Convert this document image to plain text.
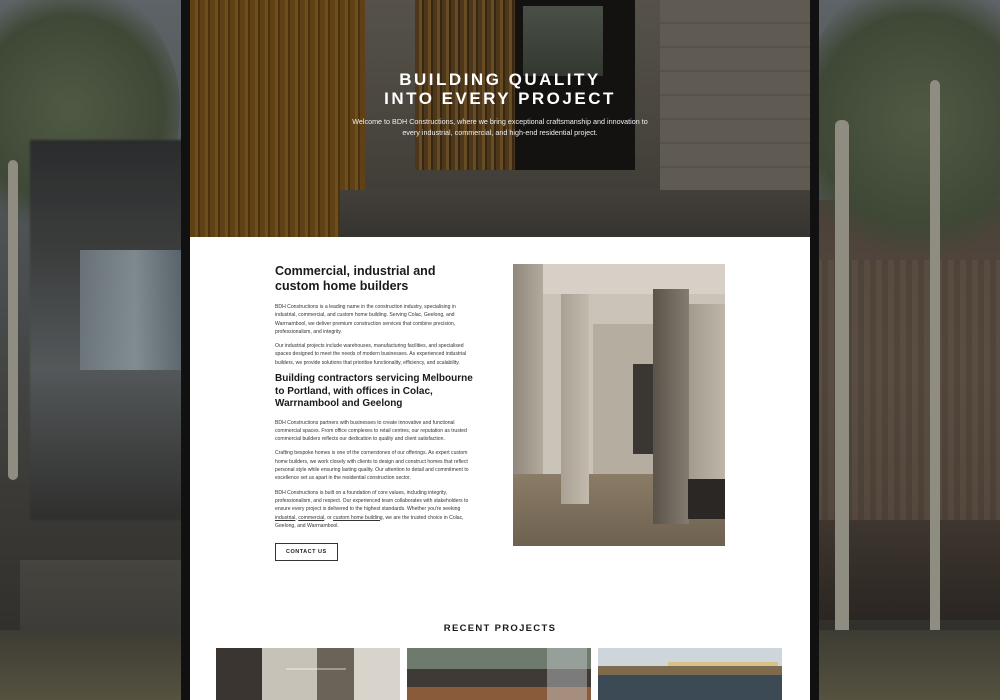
BUILDING QUALITY
INTO EVERY PROJECT

Welcome to BDH Constructions, where we bring exceptional craftsmanship and innovation to every industrial, commercial, and high-end residential project.

Commercial, industrial and custom home builders

BDH Constructions is a leading name in the construction industry, specialising in industrial, commercial, and custom home building. Serving Colac, Geelong, and Warrnambool, we deliver premium construction services that combine precision, professionalism, and integrity.

Our industrial projects include warehouses, manufacturing facilities, and specialised spaces designed to meet the needs of modern businesses. As experienced industrial builders, we provide solutions that prioritise functionality, efficiency, and scalability.

Building contractors servicing Melbourne to Portland, with offices in Colac, Warrnambool and Geelong

BDH Constructions partners with businesses to create innovative and functional commercial spaces. From office complexes to retail centres, our reputation as trusted commercial builders reflects our dedication to quality and client satisfaction.

Crafting bespoke homes is one of the cornerstones of our offerings. As expert custom home builders, we work closely with clients to design and construct homes that reflect personal style while ensuring lasting quality. Our attention to detail and commitment to excellence set us apart in the residential construction sector.

BDH Constructions is built on a foundation of core values, including integrity, professionalism, and respect. Our experienced team collaborates with stakeholders to ensure every project is delivered to the highest standards. Whether you're seeking industrial, commercial, or custom home building, we are the trusted choice in Colac, Geelong, and Warrnambool.

CONTACT US
RECENT PROJECTS
